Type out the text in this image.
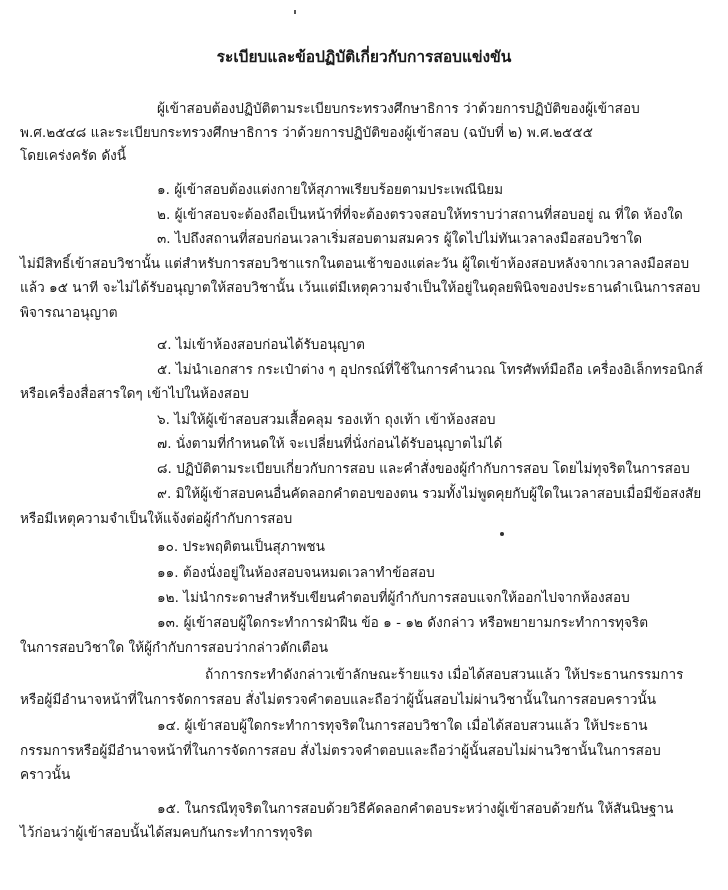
ระเบียบและข้อปฏิบัติเกี่ยวกับการสอบแข่งขัน
ผู้เข้าสอบต้องปฏิบัติตามระเบียบกระทรวงศึกษาธิการ ว่าด้วยการปฏิบัติของผู้เข้าสอบ
พ.ศ.๒๕๔๘ และระเบียบกระทรวงศึกษาธิการ ว่าด้วยการปฏิบัติของผู้เข้าสอบ (ฉบับที่ ๒) พ.ศ.๒๕๕๕
โดยเคร่งครัด ดังนี้
๑. ผู้เข้าสอบต้องแต่งกายให้สุภาพเรียบร้อยตามประเพณีนิยม
๒. ผู้เข้าสอบจะต้องถือเป็นหน้าที่ที่จะต้องตรวจสอบให้ทราบว่าสถานที่สอบอยู่ ณ ที่ใด ห้องใด
๓. ไปถึงสถานที่สอบก่อนเวลาเริ่มสอบตามสมควร ผู้ใดไปไม่ทันเวลาลงมือสอบวิชาใด
ไม่มีสิทธิ์เข้าสอบวิชานั้น แต่สำหรับการสอบวิชาแรกในตอนเช้าของแต่ละวัน ผู้ใดเข้าห้องสอบหลังจากเวลาลงมือสอบ
แล้ว ๑๕ นาที จะไม่ได้รับอนุญาตให้สอบวิชานั้น เว้นแต่มีเหตุความจำเป็นให้อยู่ในดุลยพินิจของประธานดำเนินการสอบ
พิจารณาอนุญาต
๔. ไม่เข้าห้องสอบก่อนได้รับอนุญาต
๕. ไม่นำเอกสาร กระเป๋าต่าง ๆ อุปกรณ์ที่ใช้ในการคำนวณ โทรศัพท์มือถือ เครื่องอิเล็กทรอนิกส์
หรือเครื่องสื่อสารใดๆ เข้าไปในห้องสอบ
๖. ไม่ให้ผู้เข้าสอบสวมเสื้อคลุม รองเท้า ถุงเท้า เข้าห้องสอบ
๗. นั่งตามที่กำหนดให้ จะเปลี่ยนที่นั่งก่อนได้รับอนุญาตไม่ได้
๘. ปฏิบัติตามระเบียบเกี่ยวกับการสอบ และคำสั่งของผู้กำกับการสอบ โดยไม่ทุจริตในการสอบ
๙. มิให้ผู้เข้าสอบคนอื่นคัดลอกคำตอบของตน รวมทั้งไม่พูดคุยกับผู้ใดในเวลาสอบเมื่อมีข้อสงสัย
หรือมีเหตุความจำเป็นให้แจ้งต่อผู้กำกับการสอบ
๑๐. ประพฤติตนเป็นสุภาพชน
๑๑. ต้องนั่งอยู่ในห้องสอบจนหมดเวลาทำข้อสอบ
๑๒. ไม่นำกระดาษสำหรับเขียนคำตอบที่ผู้กำกับการสอบแจกให้ออกไปจากห้องสอบ
๑๓. ผู้เข้าสอบผู้ใดกระทำการฝ่าฝืน ข้อ ๑ - ๑๒ ดังกล่าว หรือพยายามกระทำการทุจริต
ในการสอบวิชาใด ให้ผู้กำกับการสอบว่ากล่าวตักเตือน
ถ้าการกระทำดังกล่าวเข้าลักษณะร้ายแรง เมื่อได้สอบสวนแล้ว ให้ประธานกรรมการ
หรือผู้มีอำนาจหน้าที่ในการจัดการสอบ สั่งไม่ตรวจคำตอบและถือว่าผู้นั้นสอบไม่ผ่านวิชานั้นในการสอบคราวนั้น
๑๔. ผู้เข้าสอบผู้ใดกระทำการทุจริตในการสอบวิชาใด เมื่อได้สอบสวนแล้ว ให้ประธาน
กรรมการหรือผู้มีอำนาจหน้าที่ในการจัดการสอบ สั่งไม่ตรวจคำตอบและถือว่าผู้นั้นสอบไม่ผ่านวิชานั้นในการสอบ
คราวนั้น
๑๕. ในกรณีทุจริตในการสอบด้วยวิธีคัดลอกคำตอบระหว่างผู้เข้าสอบด้วยกัน ให้สันนิษฐาน
ไว้ก่อนว่าผู้เข้าสอบนั้นได้สมคบกันกระทำการทุจริต
